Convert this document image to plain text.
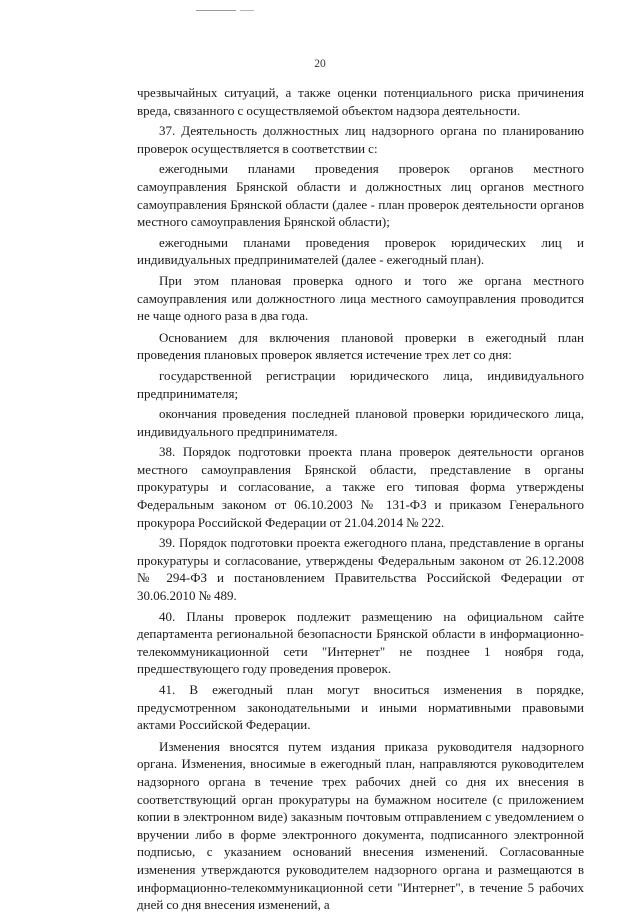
20

чрезвычайных ситуаций, а также оценки потенциального риска причинения вреда, связанного с осуществляемой объектом надзора деятельности.

37. Деятельность должностных лиц надзорного органа по планированию проверок осуществляется в соответствии с:

ежегодными планами проведения проверок органов местного самоуправления Брянской области и должностных лиц органов местного самоуправления Брянской области (далее - план проверок деятельности органов местного самоуправления Брянской области);

ежегодными планами проведения проверок юридических лиц и индивидуальных предпринимателей (далее - ежегодный план).

При этом плановая проверка одного и того же органа местного самоуправления или должностного лица местного самоуправления проводится не чаще одного раза в два года.

Основанием для включения плановой проверки в ежегодный план проведения плановых проверок является истечение трех лет со дня:

государственной регистрации юридического лица, индивидуального предпринимателя;

окончания проведения последней плановой проверки юридического лица, индивидуального предпринимателя.

38. Порядок подготовки проекта плана проверок деятельности органов местного самоуправления Брянской области, представление в органы прокуратуры и согласование, а также его типовая форма утверждены Федеральным законом от 06.10.2003 № 131-ФЗ и приказом Генерального прокурора Российской Федерации от 21.04.2014 № 222.

39. Порядок подготовки проекта ежегодного плана, представление в органы прокуратуры и согласование, утверждены Федеральным законом от 26.12.2008 № 294-ФЗ и постановлением Правительства Российской Федерации от 30.06.2010 № 489.

40. Планы проверок подлежит размещению на официальном сайте департамента региональной безопасности Брянской области в информационно-телекоммуникационной сети "Интернет" не позднее 1 ноября года, предшествующего году проведения проверок.

41. В ежегодный план могут вноситься изменения в порядке, предусмотренном законодательными и иными нормативными правовыми актами Российской Федерации.

Изменения вносятся путем издания приказа руководителя надзорного органа. Изменения, вносимые в ежегодный план, направляются руководителем надзорного органа в течение трех рабочих дней со дня их внесения в соответствующий орган прокуратуры на бумажном носителе (с приложением копии в электронном виде) заказным почтовым отправлением с уведомлением о вручении либо в форме электронного документа, подписанного электронной подписью, с указанием оснований внесения изменений. Согласованные изменения утверждаются руководителем надзорного органа и размещаются в информационно-телекоммуникационной сети "Интернет", в течение 5 рабочих дней со дня внесения изменений, а
